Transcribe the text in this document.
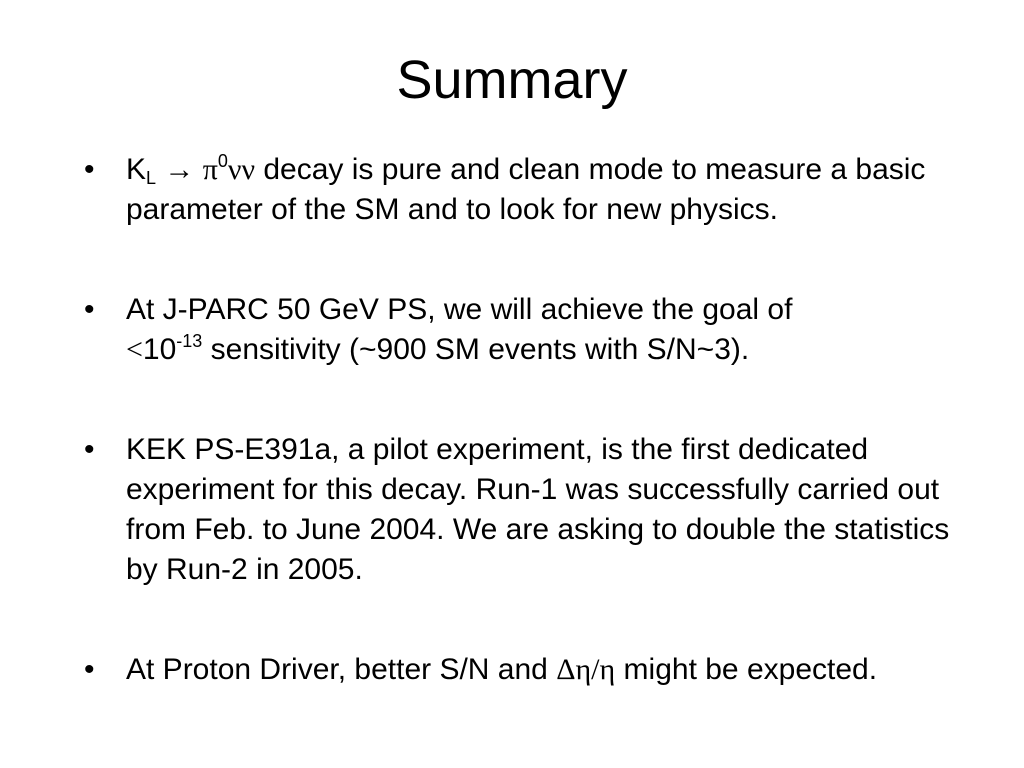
Summary
•	$K_L \to \pi^0\nu\nu$ decay is pure and clean mode to measure a basic parameter of the SM and to look for new physics.
•	At J-PARC 50 GeV PS, we will achieve the goal of
$<10^{-13}$ sensitivity (~900 SM events with S/N~3).
•	KEK PS-E391a, a pilot experiment, is the first dedicated experiment for this decay. Run-1 was successfully carried out from Feb. to June 2004. We are asking to double the statistics by Run-2 in 2005.
•	At Proton Driver, better S/N and Δη/η might be expected.
